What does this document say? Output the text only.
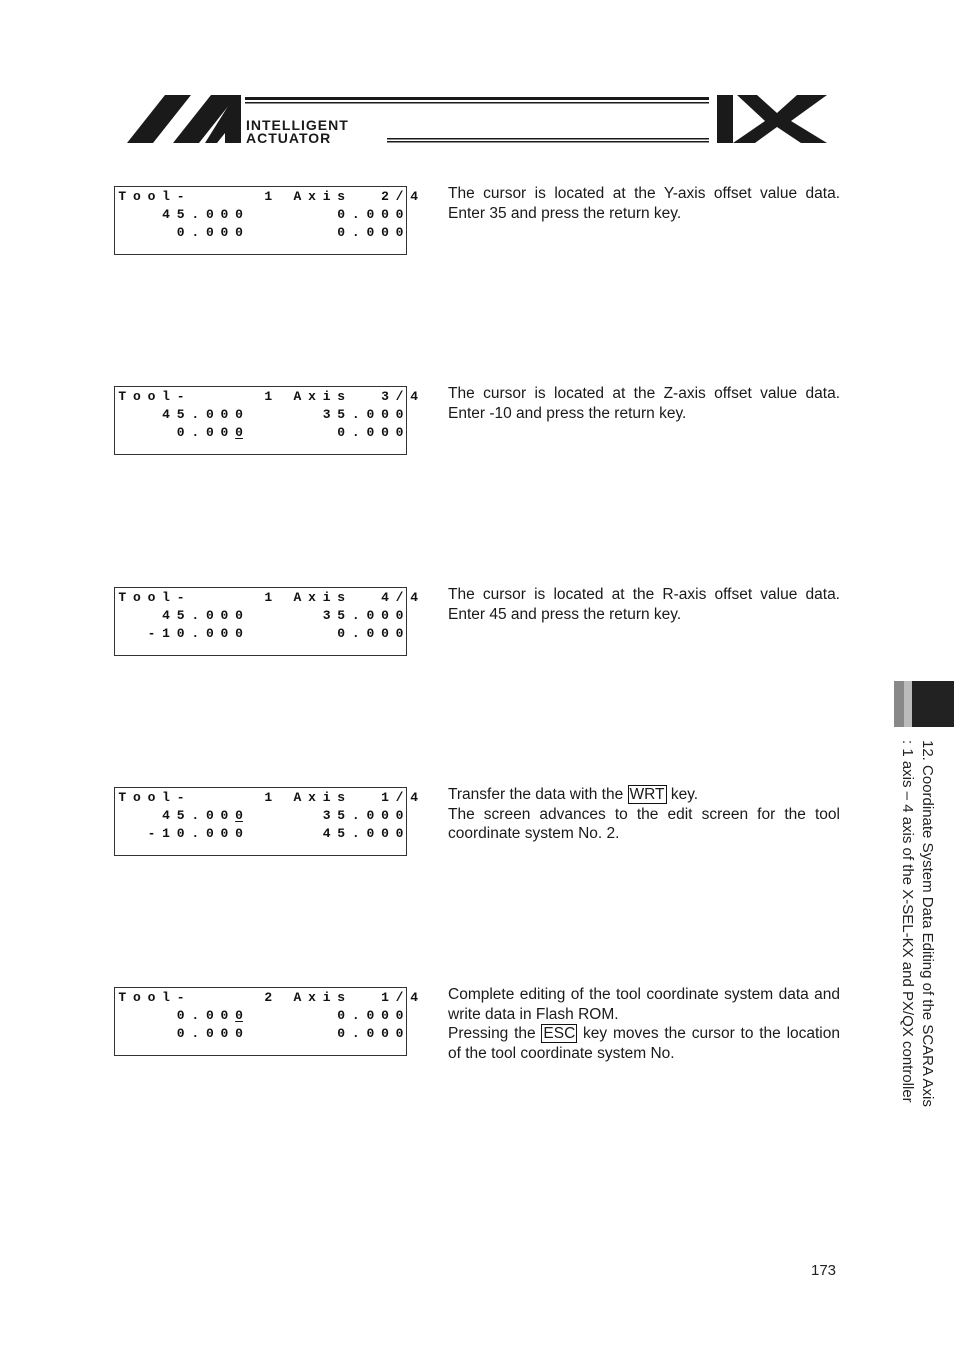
INTELLIGENT
ACTUATOR
T o o l -	1 A x i s	2 / 4
4 5 . 0 0 0	0 . 0 0 0
0 . 0 0 0	0 . 0 0 0

The cursor is located at the Y-axis offset value data. Enter 35 and press the return key.

T o o l -	1 A x i s	3 / 4
4 5 . 0 0 0	3 5 . 0 0 0
0 . 0 0 0	0 . 0 0 0

The cursor is located at the Z-axis offset value data. Enter -10 and press the return key.

T o o l -	1 A x i s	4 / 4
4 5 . 0 0 0	3 5 . 0 0 0
- 1 0 . 0 0 0	0 . 0 0 0

The cursor is located at the R-axis offset value data. Enter 45 and press the return key.

T o o l -	1 A x i s	1 / 4
4 5 . 0 0 0	3 5 . 0 0 0
- 1 0 . 0 0 0	4 5 . 0 0 0

Transfer the data with the WRT key.

The screen advances to the edit screen for the tool coordinate system No. 2.

T o o l -	2 A x i s	1 / 4
0 . 0 0 0	0 . 0 0 0
0 . 0 0 0	0 . 0 0 0

Complete editing of the tool coordinate system data and write data in Flash ROM.

Pressing the ESC key moves the cursor to the location of the tool coordinate system No.	12. Coordinate System Data Editing of the SCARA Axis
: 1 axis – 4 axis of the X-SEL-KX and PX/QX controller
173
